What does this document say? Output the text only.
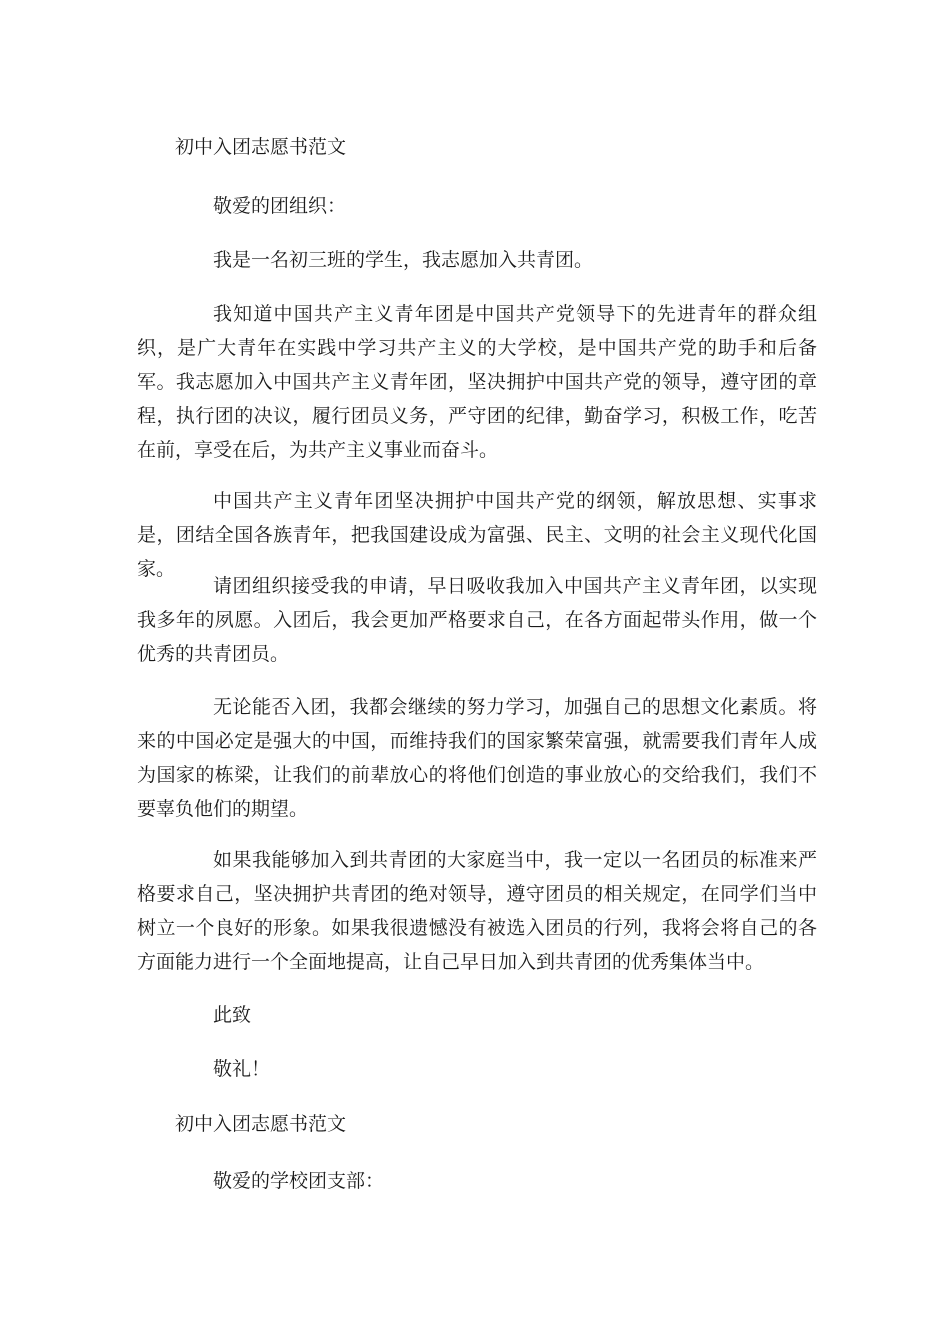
初中入团志愿书范文
敬爱的团组织：
我是一名初三班的学生，我志愿加入共青团。

我知道中国共产主义青年团是中国共产党领导下的先进青年的群众组织，是广大青年在实践中学习共产主义的大学校，是中国共产党的助手和后备军。我志愿加入中国共产主义青年团，坚决拥护中国共产党的领导，遵守团的章程，执行团的决议，履行团员义务，严守团的纪律，勤奋学习，积极工作，吃苦在前，享受在后，为共产主义事业而奋斗。

中国共产主义青年团坚决拥护中国共产党的纲领，解放思想、实事求是，团结全国各族青年，把我国建设成为富强、民主、文明的社会主义现代化国家。

请团组织接受我的申请，早日吸收我加入中国共产主义青年团，以实现我多年的夙愿。入团后，我会更加严格要求自己，在各方面起带头作用，做一个优秀的共青团员。

无论能否入团，我都会继续的努力学习，加强自己的思想文化素质。将来的中国必定是强大的中国，而维持我们的国家繁荣富强，就需要我们青年人成为国家的栋梁，让我们的前辈放心的将他们创造的事业放心的交给我们，我们不要辜负他们的期望。

如果我能够加入到共青团的大家庭当中，我一定以一名团员的标准来严格要求自己，坚决拥护共青团的绝对领导，遵守团员的相关规定，在同学们当中树立一个良好的形象。如果我很遗憾没有被选入团员的行列，我将会将自己的各方面能力进行一个全面地提高，让自己早日加入到共青团的优秀集体当中。

此致
敬礼！
初中入团志愿书范文
敬爱的学校团支部：
